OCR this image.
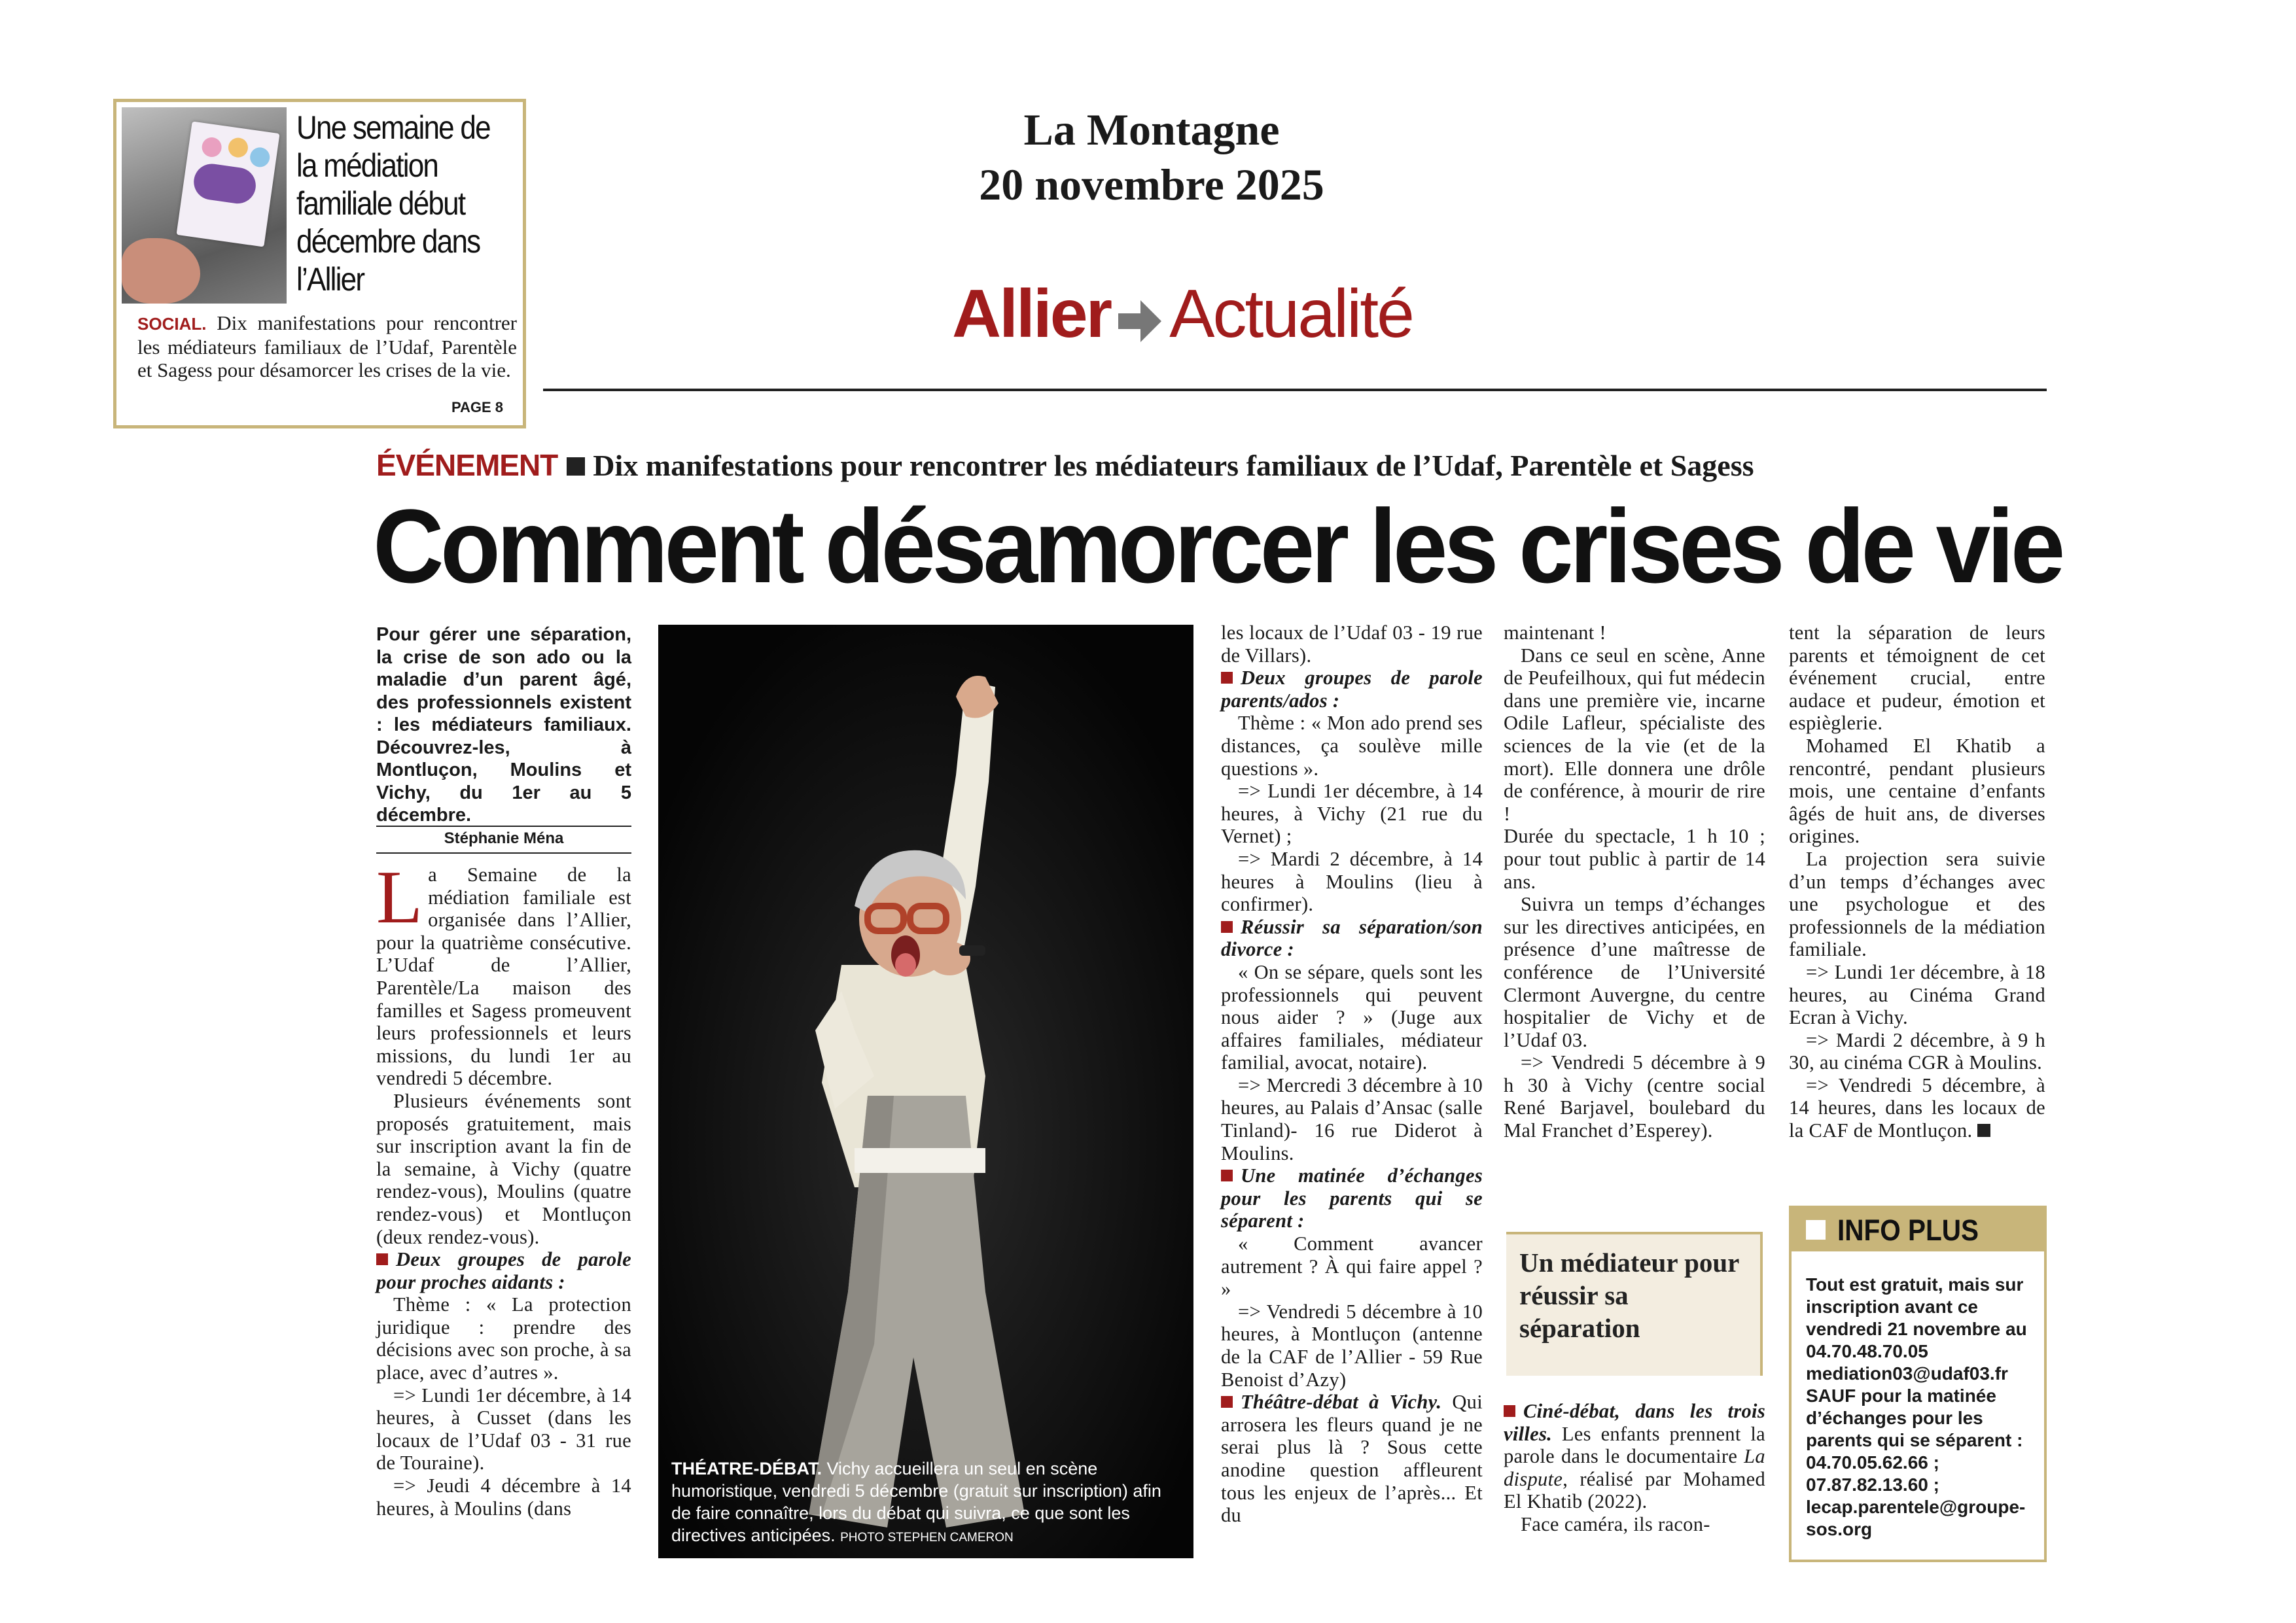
Une semaine de la médiation familiale début décembre dans l’Allier
SOCIAL. Dix manifestations pour rencontrer les médiateurs familiaux de l’Udaf, Parentèle et Sagess pour désamorcer les crises de la vie.
PAGE 8
La Montagne
20 novembre 2025
Allier Actualité
ÉVÉNEMENT Dix manifestations pour rencontrer les médiateurs familiaux de l’Udaf, Parentèle et Sagess
Comment désamorcer les crises de vie
Pour gérer une séparation, la crise de son ado ou la maladie d’un parent âgé, des professionnels existent : les médiateurs familiaux. Découvrez-les, à Montluçon, Moulins et Vichy, du 1er au 5 décembre.
Stéphanie Ména

La Semaine de la médiation familiale est organisée dans l’Allier, pour la quatrième consécutive. L’Udaf de l’Allier, Parentèle/La maison des familles et Sagess promeuvent leurs professionnels et leurs missions, du lundi 1er au vendredi 5 décembre.

Plusieurs événements sont proposés gratuitement, mais sur inscription avant la fin de la semaine, à Vichy (quatre rendez-vous), Moulins (quatre rendez-vous) et Montluçon (deux rendez-vous).

Deux groupes de parole pour proches aidants :

Thème : « La protection juridique : prendre des décisions avec son proche, à sa place, avec d’autres ».

=> Lundi 1er décembre, à 14 heures, à Cusset (dans les locaux de l’Udaf 03 - 31 rue de Touraine).

=> Jeudi 4 décembre à 14 heures, à Moulins (dans

THÉATRE-DÉBAT. Vichy accueillera un seul en scène humoristique, vendredi 5 décembre (gratuit sur inscription) afin de faire connaître, lors du débat qui suivra, ce que sont les directives anticipées. PHOTO STEPHEN CAMERON

les locaux de l’Udaf 03 - 19 rue de Villars).

Deux groupes de parole parents/ados :

Thème : « Mon ado prend ses distances, ça soulève mille questions ».

=> Lundi 1er décembre, à 14 heures, à Vichy (21 rue du Vernet) ;

=> Mardi 2 décembre, à 14 heures à Moulins (lieu à confirmer).

Réussir sa séparation/son divorce :

« On se sépare, quels sont les professionnels qui peuvent nous aider ? » (Juge aux affaires familiales, médiateur familial, avocat, notaire).

=> Mercredi 3 décembre à 10 heures, au Palais d’Ansac (salle Tinland)- 16 rue Diderot à Moulins.

Une matinée d’échanges pour les parents qui se séparent :

« Comment avancer autrement ? À qui faire appel ? »

=> Vendredi 5 décembre à 10 heures, à Montluçon (antenne de la CAF de l’Allier - 59 Rue Benoist d’Azy)

Théâtre-débat à Vichy. Qui arrosera les fleurs quand je ne serai plus là ? Sous cette anodine question affleurent tous les enjeux de l’après... Et du

maintenant !

Dans ce seul en scène, Anne de Peufeilhoux, qui fut médecin dans une première vie, incarne Odile Lafleur, spécialiste des sciences de la vie (et de la mort). Elle donnera une drôle de conférence, à mourir de rire !

Durée du spectacle, 1 h 10 ; pour tout public à partir de 14 ans.

Suivra un temps d’échanges sur les directives anticipées, en présence d’une maîtresse de conférence de l’Université Clermont Auvergne, du centre hospitalier de Vichy et de l’Udaf 03.

=> Vendredi 5 décembre à 9 h 30 à Vichy (centre social René Barjavel, boulebard du Mal Franchet d’Esperey).

Un médiateur pour réussir sa séparation

Ciné-débat, dans les trois villes. Les enfants prennent la parole dans le documentaire La dispute, réalisé par Mohamed El Khatib (2022).

Face caméra, ils racon-

tent la séparation de leurs parents et témoignent de cet événement crucial, entre audace et pudeur, émotion et espièglerie.

Mohamed El Khatib a rencontré, pendant plusieurs mois, une centaine d’enfants âgés de huit ans, de diverses origines.

La projection sera suivie d’un temps d’échanges avec une psychologue et des professionnels de la médiation familiale.

=> Lundi 1er décembre, à 18 heures, au Cinéma Grand Ecran à Vichy.

=> Mardi 2 décembre, à 9 h 30, au cinéma CGR à Moulins.

=> Vendredi 5 décembre, à 14 heures, dans les locaux de la CAF de Montluçon.

INFO PLUS
Tout est gratuit, mais sur inscription avant ce vendredi 21 novembre au 04.70.48.70.05 mediation03@udaf03.fr SAUF pour la matinée d’échanges pour les parents qui se séparent : 04.70.05.62.66 ; 07.87.82.13.60 ; lecap.parentele@groupe-sos.org
